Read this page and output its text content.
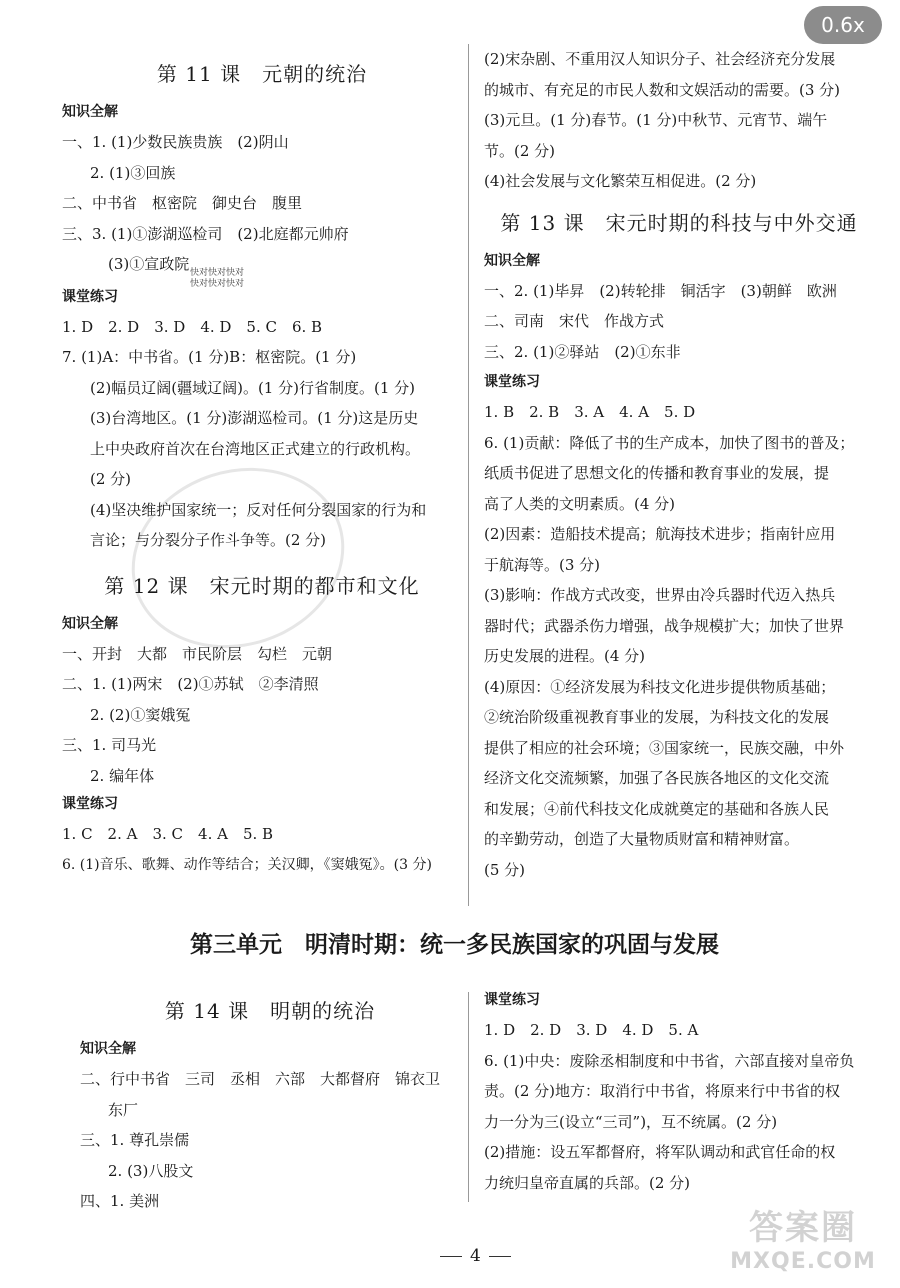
0.6x
第 11 课　元朝的统治
知识全解

一、1. (1)少数民族贵族　(2)阴山

2. (1)③回族

二、中书省　枢密院　御史台　腹里

三、3. (1)①澎湖巡检司　(2)北庭都元帅府

(3)①宣政院

课堂练习

1. D　2. D　3. D　4. D　5. C　6. B

7. (1)A：中书省。(1 分)B：枢密院。(1 分)

(2)幅员辽阔(疆域辽阔)。(1 分)行省制度。(1 分)

(3)台湾地区。(1 分)澎湖巡检司。(1 分)这是历史

上中央政府首次在台湾地区正式建立的行政机构。

(2 分)

(4)坚决维护国家统一；反对任何分裂国家的行为和

言论；与分裂分子作斗争等。(2 分)

第 12 课　宋元时期的都市和文化
知识全解

一、开封　大都　市民阶层　勾栏　元朝

二、1. (1)两宋　(2)①苏轼　②李清照

2. (2)①窦娥冤

三、1. 司马光

2. 编年体

课堂练习

1. C　2. A　3. C　4. A　5. B

6. (1)音乐、歌舞、动作等结合；关汉卿，《窦娥冤》。(3 分)

快对快对快对
快对快对快对

(2)宋杂剧、不重用汉人知识分子、社会经济充分发展

的城市、有充足的市民人数和文娱活动的需要。(3 分)

(3)元旦。(1 分)春节。(1 分)中秋节、元宵节、端午

节。(2 分)

(4)社会发展与文化繁荣互相促进。(2 分)

第 13 课　宋元时期的科技与中外交通
知识全解

一、2. (1)毕昇　(2)转轮排　铜活字　(3)朝鲜　欧洲

二、司南　宋代　作战方式

三、2. (1)②驿站　(2)①东非

课堂练习

1. B　2. B　3. A　4. A　5. D

6. (1)贡献：降低了书的生产成本，加快了图书的普及；

纸质书促进了思想文化的传播和教育事业的发展，提

高了人类的文明素质。(4 分)

(2)因素：造船技术提高；航海技术进步；指南针应用

于航海等。(3 分)

(3)影响：作战方式改变，世界由冷兵器时代迈入热兵

器时代；武器杀伤力增强，战争规模扩大；加快了世界

历史发展的进程。(4 分)

(4)原因：①经济发展为科技文化进步提供物质基础；

②统治阶级重视教育事业的发展，为科技文化的发展

提供了相应的社会环境；③国家统一，民族交融，中外

经济文化交流频繁，加强了各民族各地区的文化交流

和发展；④前代科技文化成就奠定的基础和各族人民

的辛勤劳动，创造了大量物质财富和精神财富。

(5 分)

第三单元　明清时期：统一多民族国家的巩固与发展
第 14 课　明朝的统治
知识全解

二、行中书省　三司　丞相　六部　大都督府　锦衣卫

东厂

三、1. 尊孔崇儒

2. (3)八股文

四、1. 美洲

课堂练习

1. D　2. D　3. D　4. D　5. A

6. (1)中央：废除丞相制度和中书省，六部直接对皇帝负

责。(2 分)地方：取消行中书省，将原来行中书省的权

力一分为三(设立“三司”)，互不统属。(2 分)

(2)措施：设五军都督府，将军队调动和武官任命的权

力统归皇帝直属的兵部。(2 分)

4

答案圈
MXQE.COM
